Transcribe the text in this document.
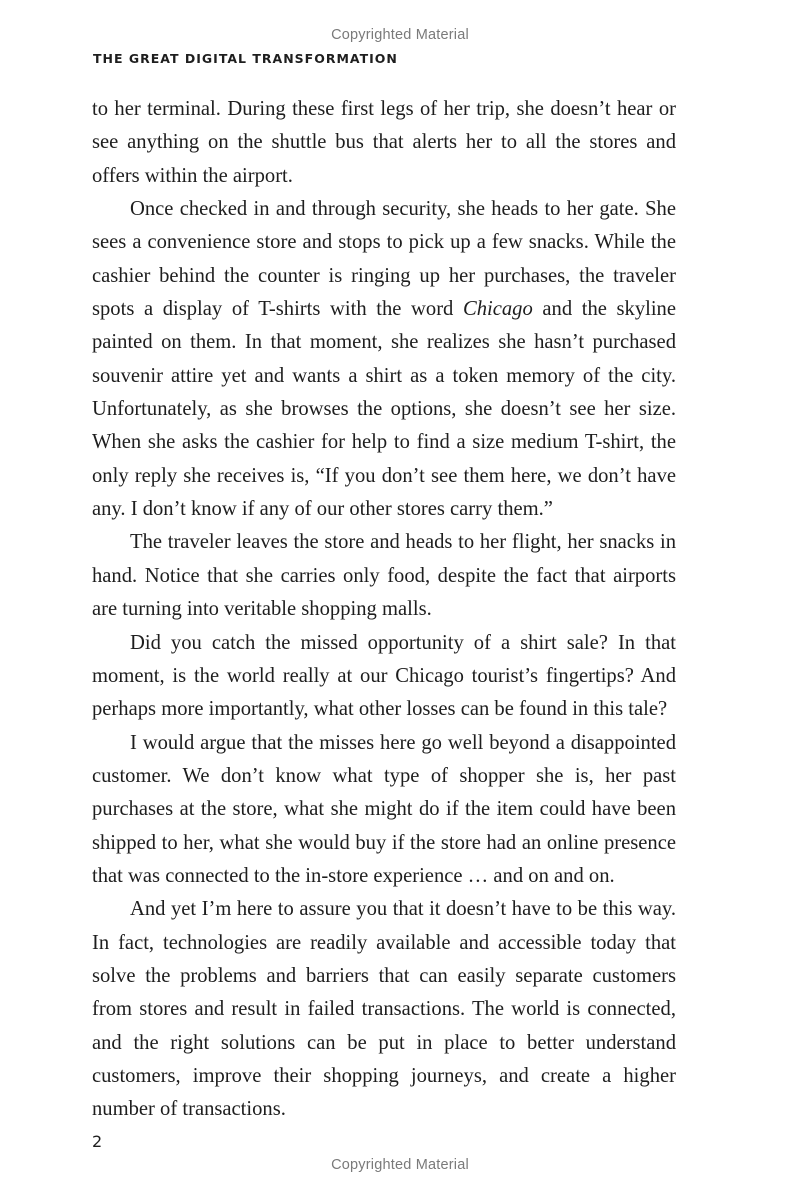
Copyrighted Material
THE GREAT DIGITAL TRANSFORMATION

to her terminal. During these first legs of her trip, she doesn’t hear or see anything on the shuttle bus that alerts her to all the stores and offers within the airport.

Once checked in and through security, she heads to her gate. She sees a convenience store and stops to pick up a few snacks. While the cashier behind the counter is ringing up her purchases, the traveler spots a display of T-shirts with the word Chicago and the skyline painted on them. In that moment, she realizes she hasn’t purchased souvenir attire yet and wants a shirt as a token memory of the city. Unfortunately, as she browses the options, she doesn’t see her size. When she asks the cashier for help to find a size medium T-shirt, the only reply she receives is, “If you don’t see them here, we don’t have any. I don’t know if any of our other stores carry them.”

The traveler leaves the store and heads to her flight, her snacks in hand. Notice that she carries only food, despite the fact that airports are turning into veritable shopping malls.

Did you catch the missed opportunity of a shirt sale? In that moment, is the world really at our Chicago tourist’s fingertips? And perhaps more importantly, what other losses can be found in this tale?

I would argue that the misses here go well beyond a disappointed customer. We don’t know what type of shopper she is, her past purchases at the store, what she might do if the item could have been shipped to her, what she would buy if the store had an online presence that was connected to the in-store experience … and on and on.

And yet I’m here to assure you that it doesn’t have to be this way. In fact, technologies are readily available and accessible today that solve the problems and barriers that can easily separate customers from stores and result in failed transactions. The world is connected, and the right solutions can be put in place to better understand customers, improve their shopping journeys, and create a higher number of transactions.

2
Copyrighted Material
